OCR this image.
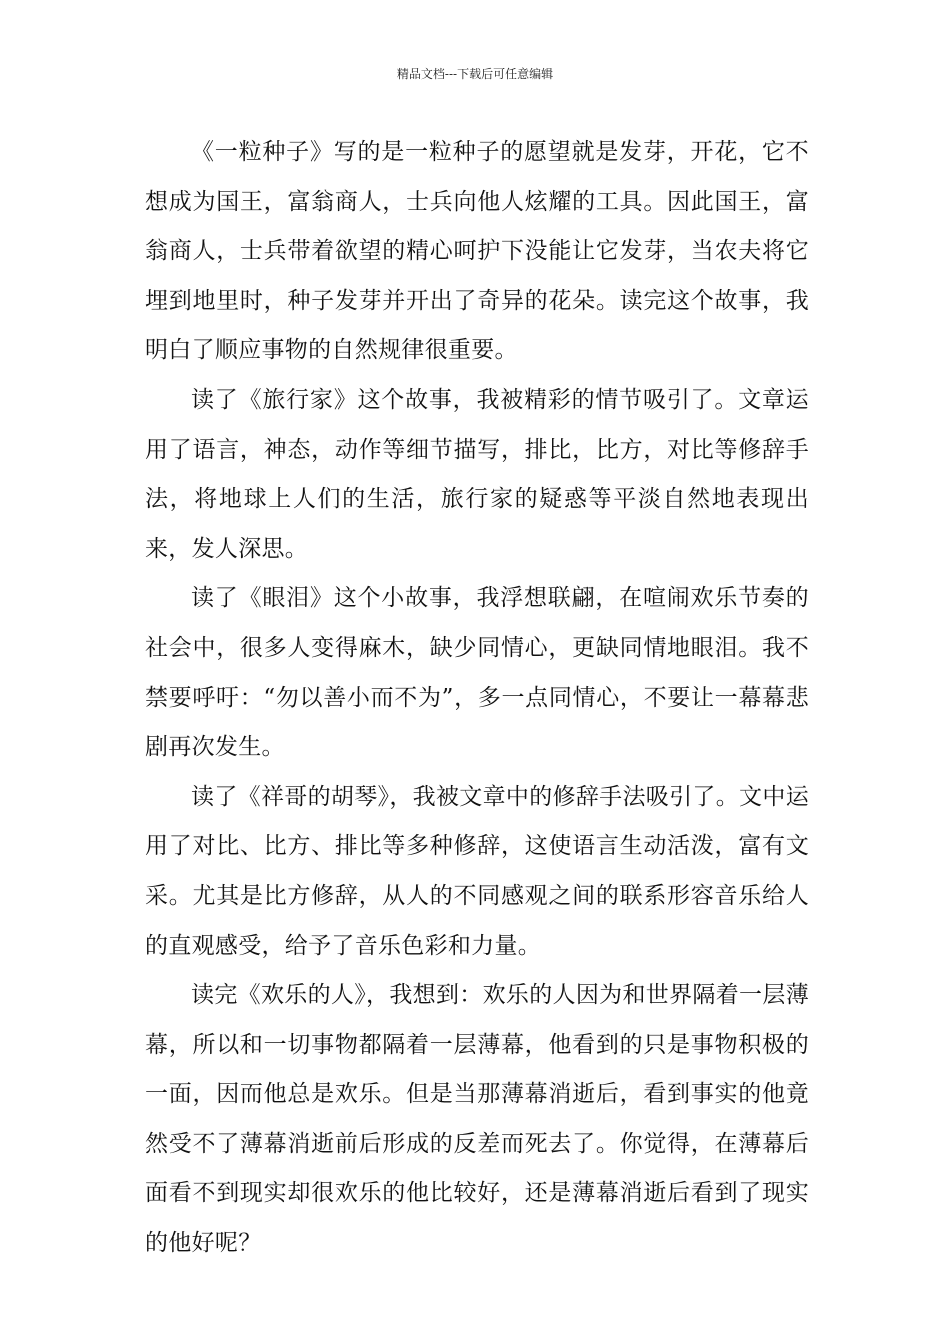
精品文档---下载后可任意编辑

《一粒种子》写的是一粒种子的愿望就是发芽，开花，它不想成为国王，富翁商人，士兵向他人炫耀的工具。因此国王，富翁商人，士兵带着欲望的精心呵护下没能让它发芽，当农夫将它埋到地里时，种子发芽并开出了奇异的花朵。读完这个故事，我明白了顺应事物的自然规律很重要。

读了《旅行家》这个故事，我被精彩的情节吸引了。文章运用了语言，神态，动作等细节描写，排比，比方，对比等修辞手法，将地球上人们的生活，旅行家的疑惑等平淡自然地表现出来，发人深思。

读了《眼泪》这个小故事，我浮想联翩，在喧闹欢乐节奏的社会中，很多人变得麻木，缺少同情心，更缺同情地眼泪。我不禁要呼吁：“勿以善小而不为”，多一点同情心，不要让一幕幕悲剧再次发生。

读了《祥哥的胡琴》，我被文章中的修辞手法吸引了。文中运用了对比、比方、排比等多种修辞，这使语言生动活泼，富有文采。尤其是比方修辞，从人的不同感观之间的联系形容音乐给人的直观感受，给予了音乐色彩和力量。

读完《欢乐的人》，我想到：欢乐的人因为和世界隔着一层薄幕，所以和一切事物都隔着一层薄幕，他看到的只是事物积极的一面，因而他总是欢乐。但是当那薄幕消逝后，看到事实的他竟然受不了薄幕消逝前后形成的反差而死去了。你觉得，在薄幕后面看不到现实却很欢乐的他比较好，还是薄幕消逝后看到了现实的他好呢？
